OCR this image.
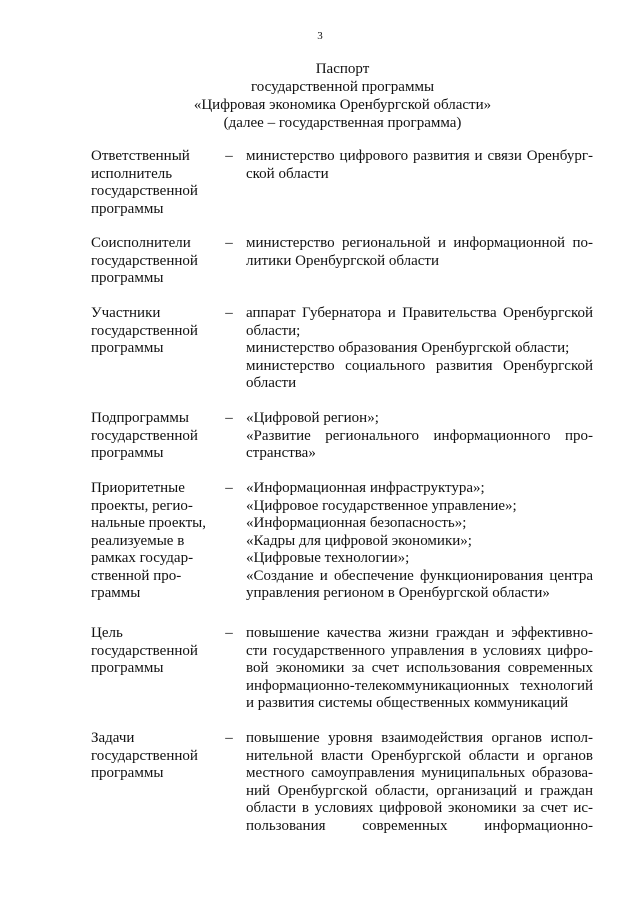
3
Паспорт
государственной программы
«Цифровая экономика Оренбургской области»
(далее – государственная программа)
Ответственный
исполнитель
государственной
программы
– министерство цифрового развития и связи Оренбург-
ской области
Соисполнители
государственной
программы
– министерство региональной и информационной по-
литики Оренбургской области
Участники
государственной
программы
– аппарат Губернатора и Правительства Оренбургской
области;
министерство образования Оренбургской области;
министерство социального развития Оренбургской
области
Подпрограммы
государственной
программы
– «Цифровой регион»;
«Развитие регионального информационного про-
странства»
Приоритетные
проекты, регио-
нальные проекты,
реализуемые в
рамках государ-
ственной про-
граммы
– «Информационная инфраструктура»;
«Цифровое государственное управление»;
«Информационная безопасность»;
«Кадры для цифровой экономики»;
«Цифровые технологии»;
«Создание и обеспечение функционирования центра
управления регионом в Оренбургской области»
Цель
государственной
программы
– повышение качества жизни граждан и эффективно-
сти государственного управления в условиях цифро-
вой экономики за счет использования современных
информационно-телекоммуникационных технологий
и развития системы общественных коммуникаций
Задачи
государственной
программы
– повышение уровня взаимодействия органов испол-
нительной власти Оренбургской области и органов
местного самоуправления муниципальных образова-
ний Оренбургской области, организаций и граждан
области в условиях цифровой экономики за счет ис-
пользования современных информационно-
